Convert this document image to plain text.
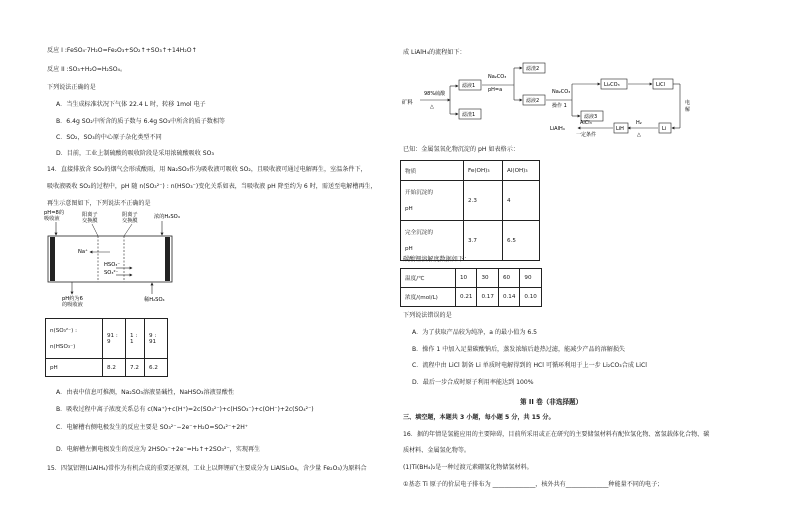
反应 I :FeSO₄·7H₂O=Fe₂O₃+SO₂↑+SO₃↑+14H₂O↑
反应 II :SO₃+H₂O=H₂SO₄。
下列说法正确的是
A．当生成标准状况下气体 22.4 L 时，转移 1mol 电子
B．6.4g SO₂中所含的质子数与 6.4g SO₃中所含的质子数相等
C．SO₂，SO₃的中心原子杂化类型不同
D．目前，工业上制硫酸的吸收阶段是采用浓硫酸吸收 SO₃
14．直接排放含 SO₂的烟气会形成酸雨，用 Na₂SO₃作为吸收液可吸收 SO₂，且吸收液可通过电解再生，室温条件下，
吸收液吸收 SO₂的过程中，pH 随 n(SO₃²⁻) : n(HSO₃⁻)变化关系如表，当吸收液 pH 降至约为 6 时，需送至电解槽再生，
再生示意图如下，下列说法不正确的是
pH=8的
吸收液
阳离子
交换膜
阴离子
交换膜
浓的H₂SO₄
Na⁺
HSO₃⁻
SO₃²⁻
pH约为6
的吸收液
稀H₂SO₄
n(SO₃²⁻) :
n(HSO₃⁻)	91 : 9	1 : 1	9 : 91
pH	8.2	7.2	6.2
A．由表中信息可推测，Na₂SO₃溶液显碱性，NaHSO₃溶液显酸性
B．吸收过程中离子浓度关系总有 c(Na⁺)+c(H⁺)=2c(SO₃²⁻)+c(HSO₃⁻)+c(OH⁻)+2c(SO₄²⁻)
C．电解槽右侧电极发生的反应主要是 SO₃²⁻−2e⁻+H₂O=SO₄²⁻+2H⁺
D．电解槽左侧电极发生的反应为 2HSO₃⁻+2e⁻=H₂↑+2SO₃²⁻，实现再生
15．四氢铝锂(LiAlH₄)常作为有机合成的重要还原剂，工业上以辉锂矿(主要成分为 LiAlSi₂O₆，含少量 Fe₂O₃)为原料合
成 LiAlH₄的流程如下：
矿料
98%硫酸
△
滤液1
滤渣1
Na₂CO₃
pH=a
滤渣2
滤液2
Na₂CO₃
操作 1
滤液3
Li₂CO₃	LiCl
电
解
Li
H₂
△
LiH
AlCl₃
一定条件
LiAlH₄
已知：金属氢氧化物沉淀的 pH 如表格示：
物质	Fe(OH)₃	Al(OH)₃
开始沉淀的
pH	2.3	4
完全沉淀的
pH	3.7	6.5
碳酸锂溶解度数据如下：
温度/℃	10	30	60	90
浓度/(mol/L)	0.21	0.17	0.14	0.10
下列说法错误的是
A．为了获取产品较为纯净，a 的最小值为 6.5
B．操作 1 中加入足量碳酸钠后，蒸发浓缩后趁热过滤，能减少产品的溶解损失
C．流程中由 LiCl 制备 Li 单质时电解得到的 HCl 可循环利用于上一步 Li₂CO₃合成 LiCl
D．最后一步合成时原子利用率能达到 100%
第 II 卷（非选择题）
三、填空题，本题共 3 小题，每小题 5 分，共 15 分。
16．据的年情是氢能应用的主要障碍，目前所采用或正在研究的主要储氢材料有配位氢化物、富氢载体化合物、碳
质材料、金属氢化物等。
(1)Ti(BH₄)₂是一种过渡元素硼氢化物储氢材料。
①基态 Ti 原子的价层电子排布为 ______________，核外共有______________种能量不同的电子；
